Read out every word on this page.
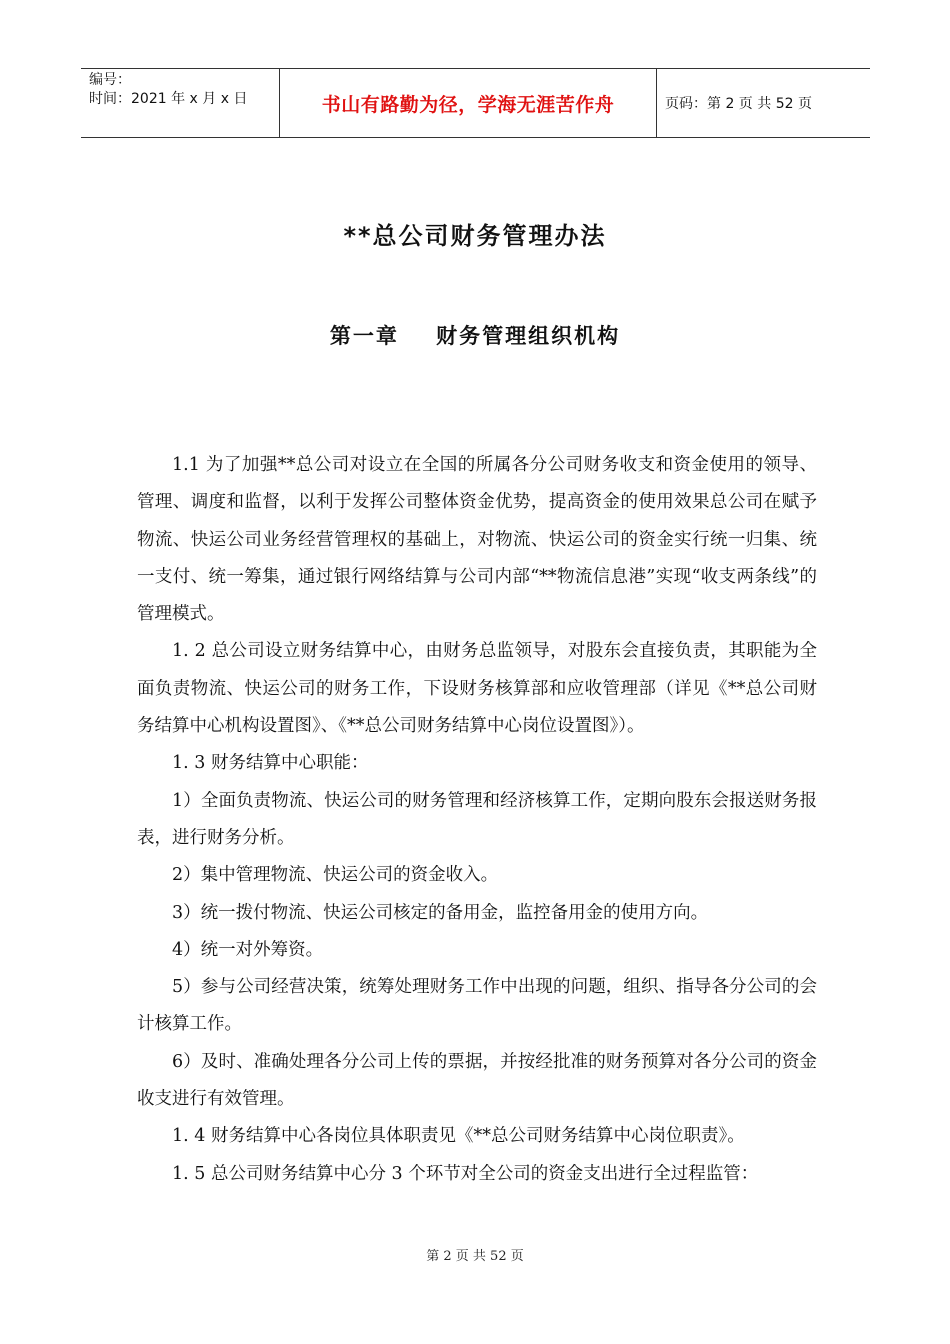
编号：
时间：2021 年 x 月 x 日	书山有路勤为径，学海无涯苦作舟	页码：第 2 页 共 52 页
**总公司财务管理办法
第一章    财务管理组织机构

1.1 为了加强**总公司对设立在全国的所属各分公司财务收支和资金使用的领导、管理、调度和监督，以利于发挥公司整体资金优势，提高资金的使用效果总公司在赋予物流、快运公司业务经营管理权的基础上，对物流、快运公司的资金实行统一归集、统一支付、统一筹集，通过银行网络结算与公司内部“**物流信息港”实现“收支两条线”的管理模式。

1. 2 总公司设立财务结算中心，由财务总监领导，对股东会直接负责，其职能为全面负责物流、快运公司的财务工作，下设财务核算部和应收管理部（详见《**总公司财务结算中心机构设置图》、《**总公司财务结算中心岗位设置图》）。

1. 3 财务结算中心职能：

1）全面负责物流、快运公司的财务管理和经济核算工作，定期向股东会报送财务报表，进行财务分析。

2）集中管理物流、快运公司的资金收入。

3）统一拨付物流、快运公司核定的备用金，监控备用金的使用方向。

4）统一对外筹资。

5）参与公司经营决策，统筹处理财务工作中出现的问题，组织、指导各分公司的会计核算工作。

6）及时、准确处理各分公司上传的票据，并按经批准的财务预算对各分公司的资金收支进行有效管理。

1. 4 财务结算中心各岗位具体职责见《**总公司财务结算中心岗位职责》。

1. 5 总公司财务结算中心分 3 个环节对全公司的资金支出进行全过程监管：

第 2 页 共 52 页
